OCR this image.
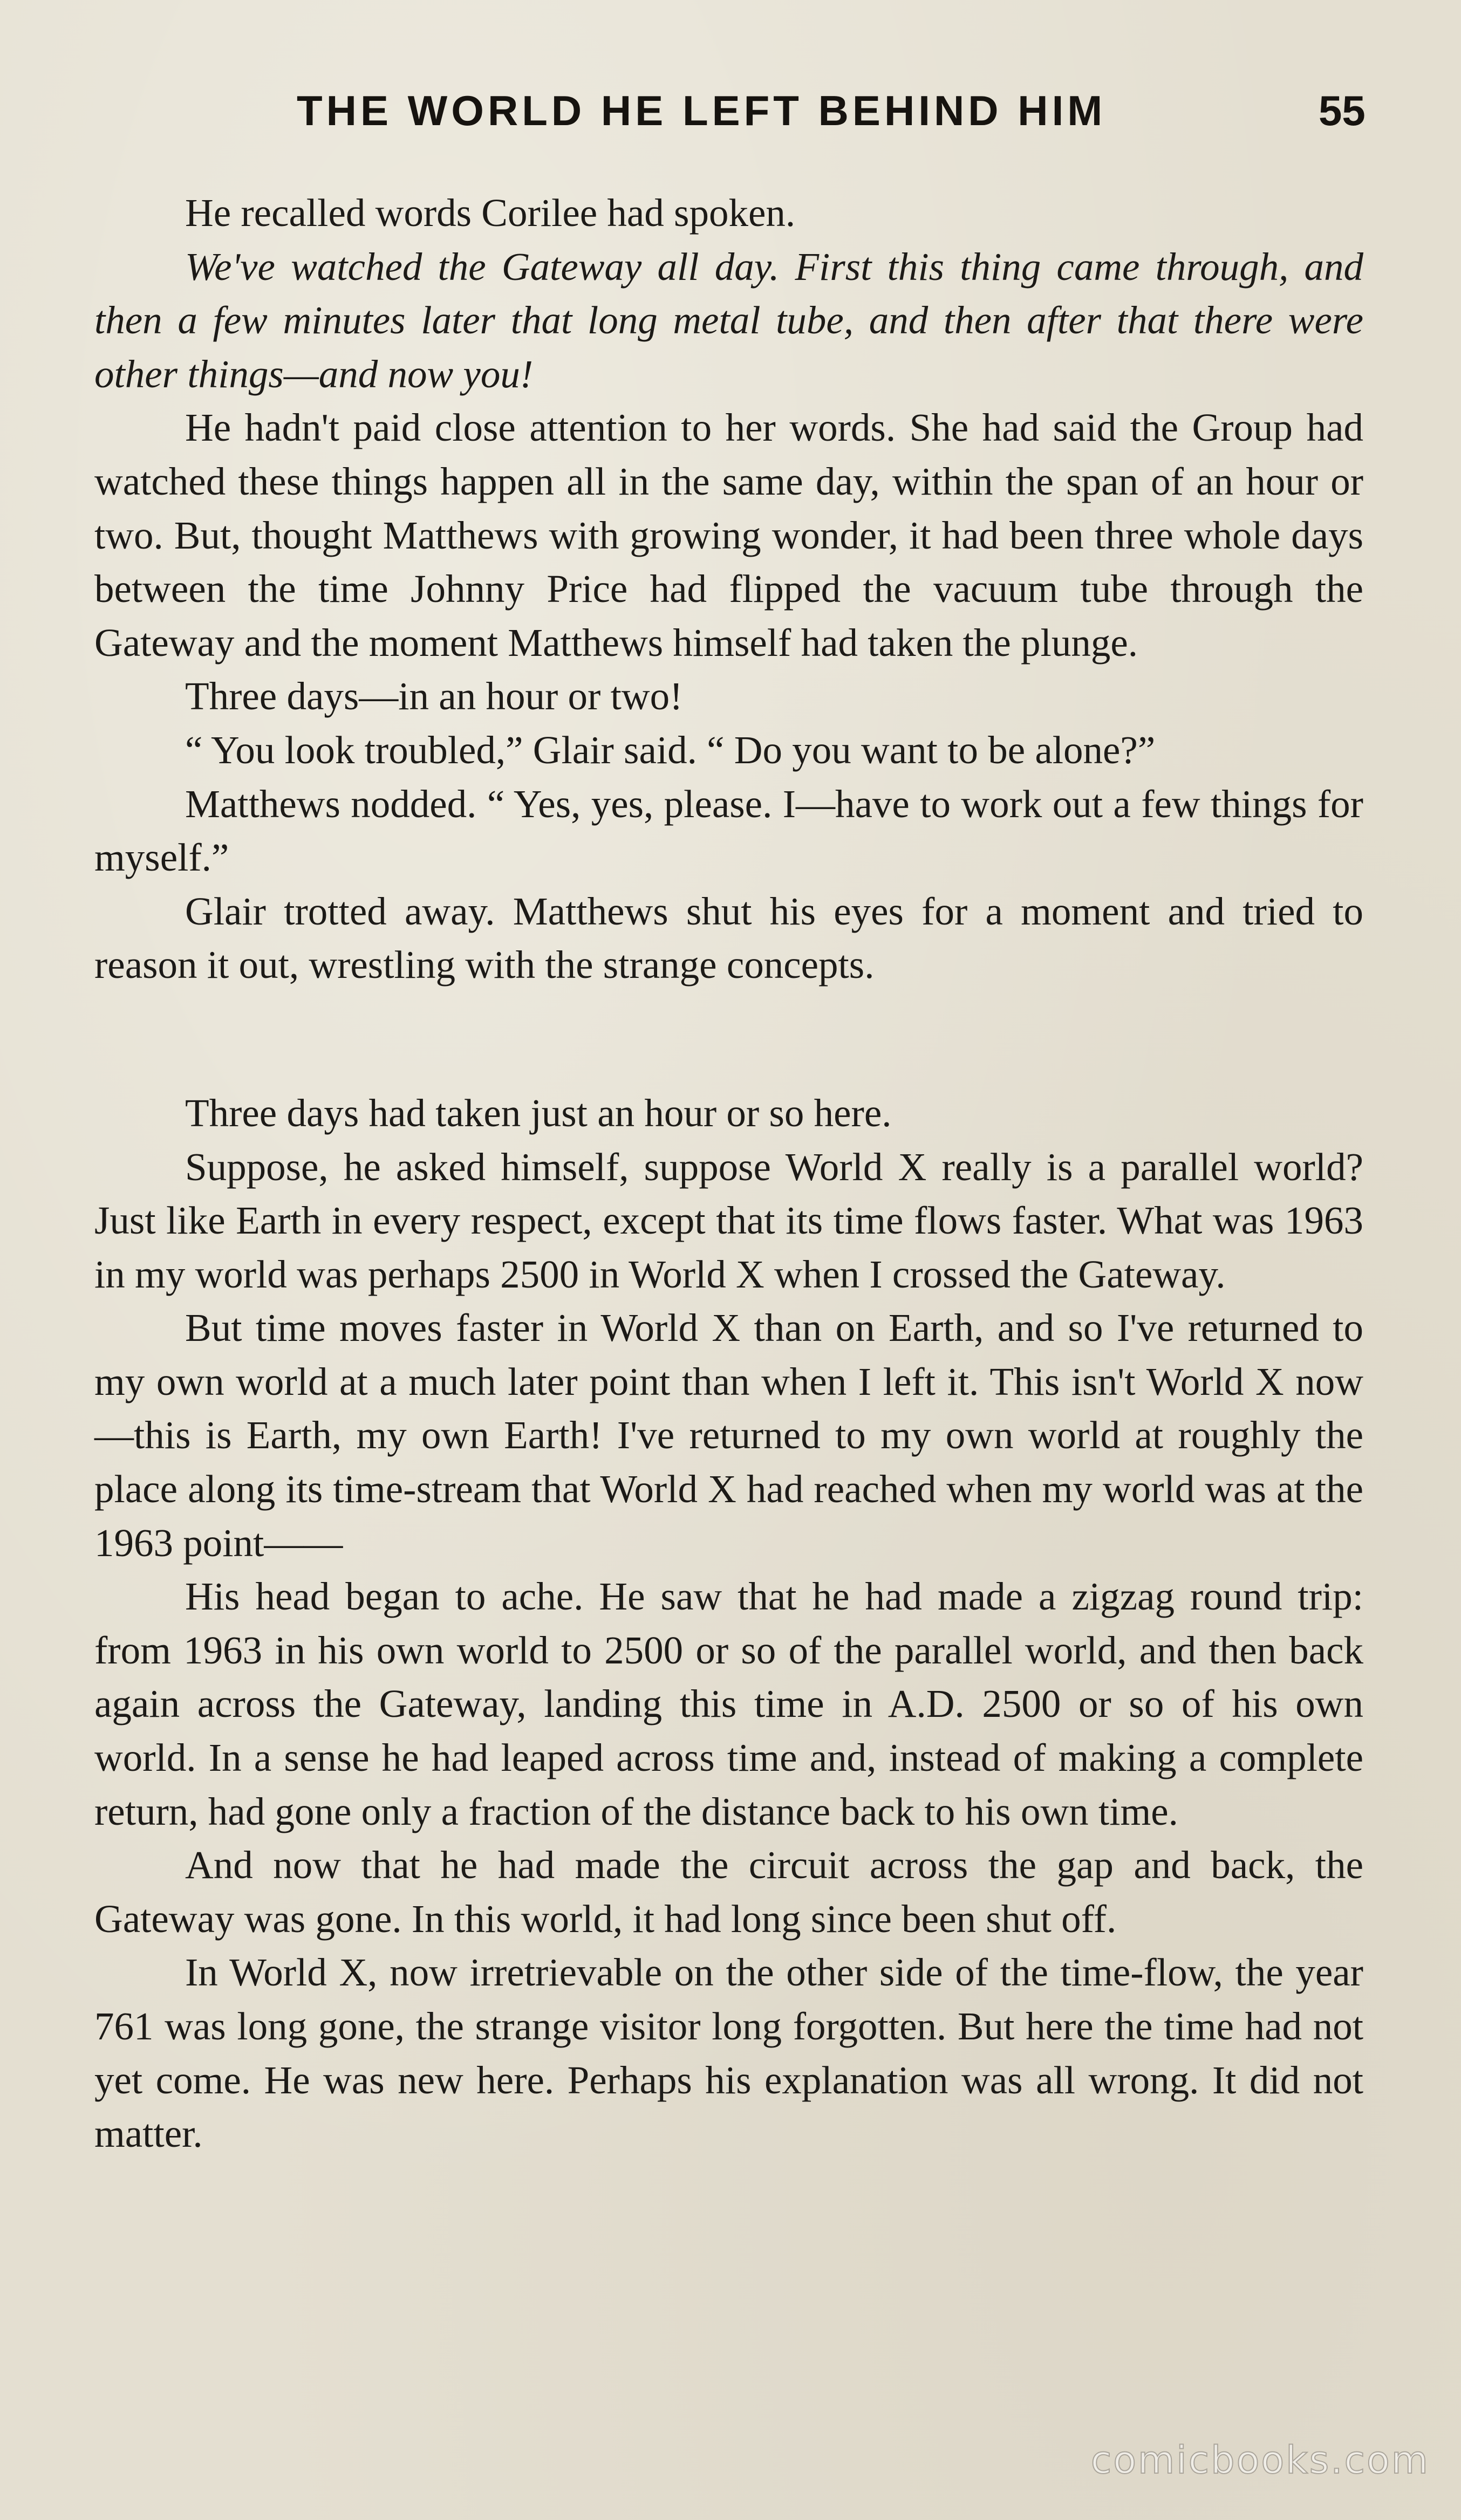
THE WORLD HE LEFT BEHIND HIM	55

He recalled words Corilee had spoken.

We've watched the Gateway all day. First this thing came through, and then a few minutes later that long metal tube, and then after that there were other things—and now you!

He hadn't paid close attention to her words. She had said the Group had watched these things happen all in the same day, within the span of an hour or two. But, thought Matthews with growing wonder, it had been three whole days between the time Johnny Price had flipped the vacuum tube through the Gateway and the moment Matthews himself had taken the plunge.

Three days—in an hour or two!

“ You look troubled,” Glair said. “ Do you want to be alone?”

Matthews nodded. “ Yes, yes, please. I—have to work out a few things for myself.”

Glair trotted away. Matthews shut his eyes for a moment and tried to reason it out, wrestling with the strange concepts.

Three days had taken just an hour or so here.

Suppose, he asked himself, suppose World X really is a parallel world? Just like Earth in every respect, except that its time flows faster. What was 1963 in my world was perhaps 2500 in World X when I crossed the Gateway.

But time moves faster in World X than on Earth, and so I've returned to my own world at a much later point than when I left it. This isn't World X now—this is Earth, my own Earth! I've returned to my own world at roughly the place along its time-stream that World X had reached when my world was at the 1963 point——

His head began to ache. He saw that he had made a zigzag round trip: from 1963 in his own world to 2500 or so of the parallel world, and then back again across the Gateway, landing this time in A.D. 2500 or so of his own world. In a sense he had leaped across time and, instead of making a complete return, had gone only a fraction of the distance back to his own time.

And now that he had made the circuit across the gap and back, the Gateway was gone. In this world, it had long since been shut off.

In World X, now irretrievable on the other side of the time-flow, the year 761 was long gone, the strange visitor long forgotten. But here the time had not yet come. He was new here. Perhaps his explanation was all wrong. It did not matter.

comicbooks.com
